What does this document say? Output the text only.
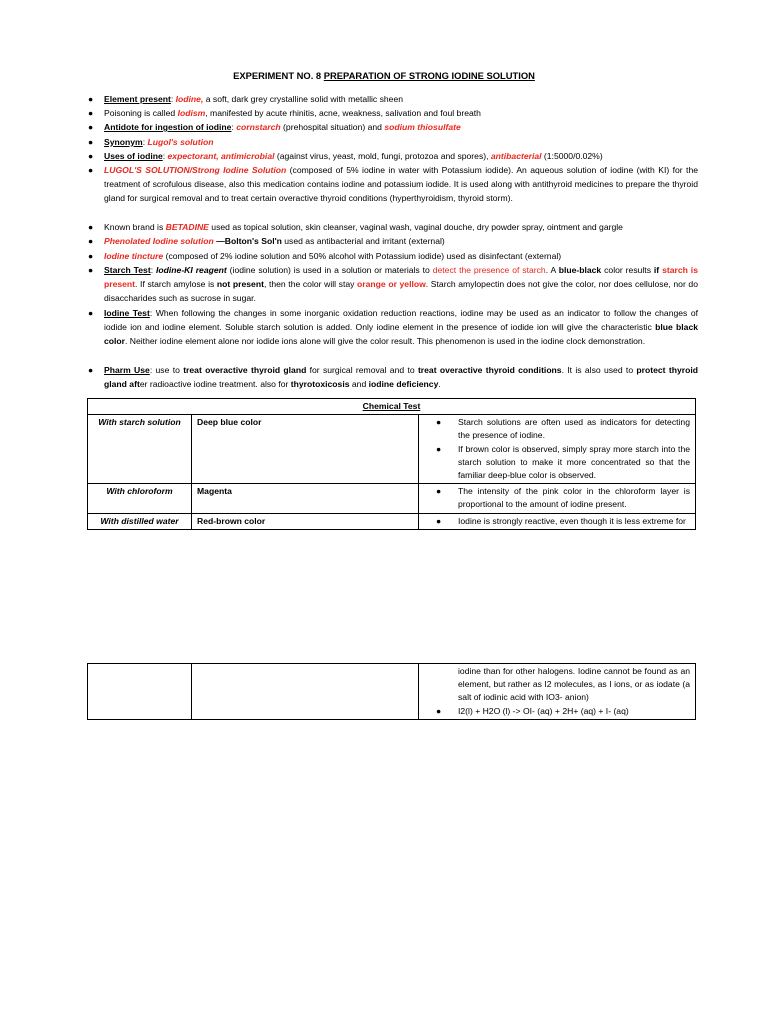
EXPERIMENT NO. 8 PREPARATION OF STRONG IODINE SOLUTION
● Element present: Iodine, a soft, dark grey crystalline solid with metallic sheen
● Poisoning is called Iodism, manifested by acute rhinitis, acne, weakness, salivation and foul breath
● Antidote for ingestion of iodine: cornstarch (prehospital situation) and sodium thiosulfate
● Synonym: Lugol's solution
● Uses of iodine: expectorant, antimicrobial (against virus, yeast, mold, fungi, protozoa and spores), antibacterial (1:5000/0.02%)
● LUGOL'S SOLUTION/Strong Iodine Solution (composed of 5% iodine in water with Potassium iodide). An aqueous solution of iodine (with KI) for the treatment of scrofulous disease, also this medication contains iodine and potassium iodide. It is used along with antithyroid medicines to prepare the thyroid gland for surgical removal and to treat certain overactive thyroid conditions (hyperthyroidism, thyroid storm).
● Known brand is BETADINE used as topical solution, skin cleanser, vaginal wash, vaginal douche, dry powder spray, ointment and gargle
● Phenolated Iodine solution —Bolton's Sol'n used as antibacterial and irritant (external)
● Iodine tincture (composed of 2% iodine solution and 50% alcohol with Potassium iodide) used as disinfectant (external)
● Starch Test: Iodine-KI reagent (iodine solution) is used in a solution or materials to detect the presence of starch. A blue-black color results if starch is present. If starch amylose is not present, then the color will stay orange or yellow. Starch amylopectin does not give the color, nor does cellulose, nor do disaccharides such as sucrose in sugar.
● Iodine Test: When following the changes in some inorganic oxidation reduction reactions, iodine may be used as an indicator to follow the changes of iodide ion and iodine element. Soluble starch solution is added. Only iodine element in the presence of iodide ion will give the characteristic blue black color. Neither iodine element alone nor iodide ions alone will give the color result. This phenomenon is used in the iodine clock demonstration.
● Pharm Use: use to treat overactive thyroid gland for surgical removal and to treat overactive thyroid conditions. It is also used to protect thyroid gland after radioactive iodine treatment. also for thyrotoxicosis and iodine deficiency.
Chemical Test		
With starch solution	Deep blue color	● Starch solutions are often used as indicators for detecting the presence of iodine.
● If brown color is observed, simply spray more starch into the starch solution to make it more concentrated so that the familiar deep-blue color is observed.

With chloroform	Magenta	● The intensity of the pink color in the chloroform layer is proportional to the amount of iodine present.

With distilled water	Red-brown color	● Iodine is strongly reactive, even though it is less extreme for

iodine than for other halogens. Iodine cannot be found as an element, but rather as I2 molecules, as I ions, or as iodate (a salt of iodinic acid with IO3- anion)
● I2(l) + H2O (l) -> OI- (aq) + 2H+ (aq) + I- (aq)
